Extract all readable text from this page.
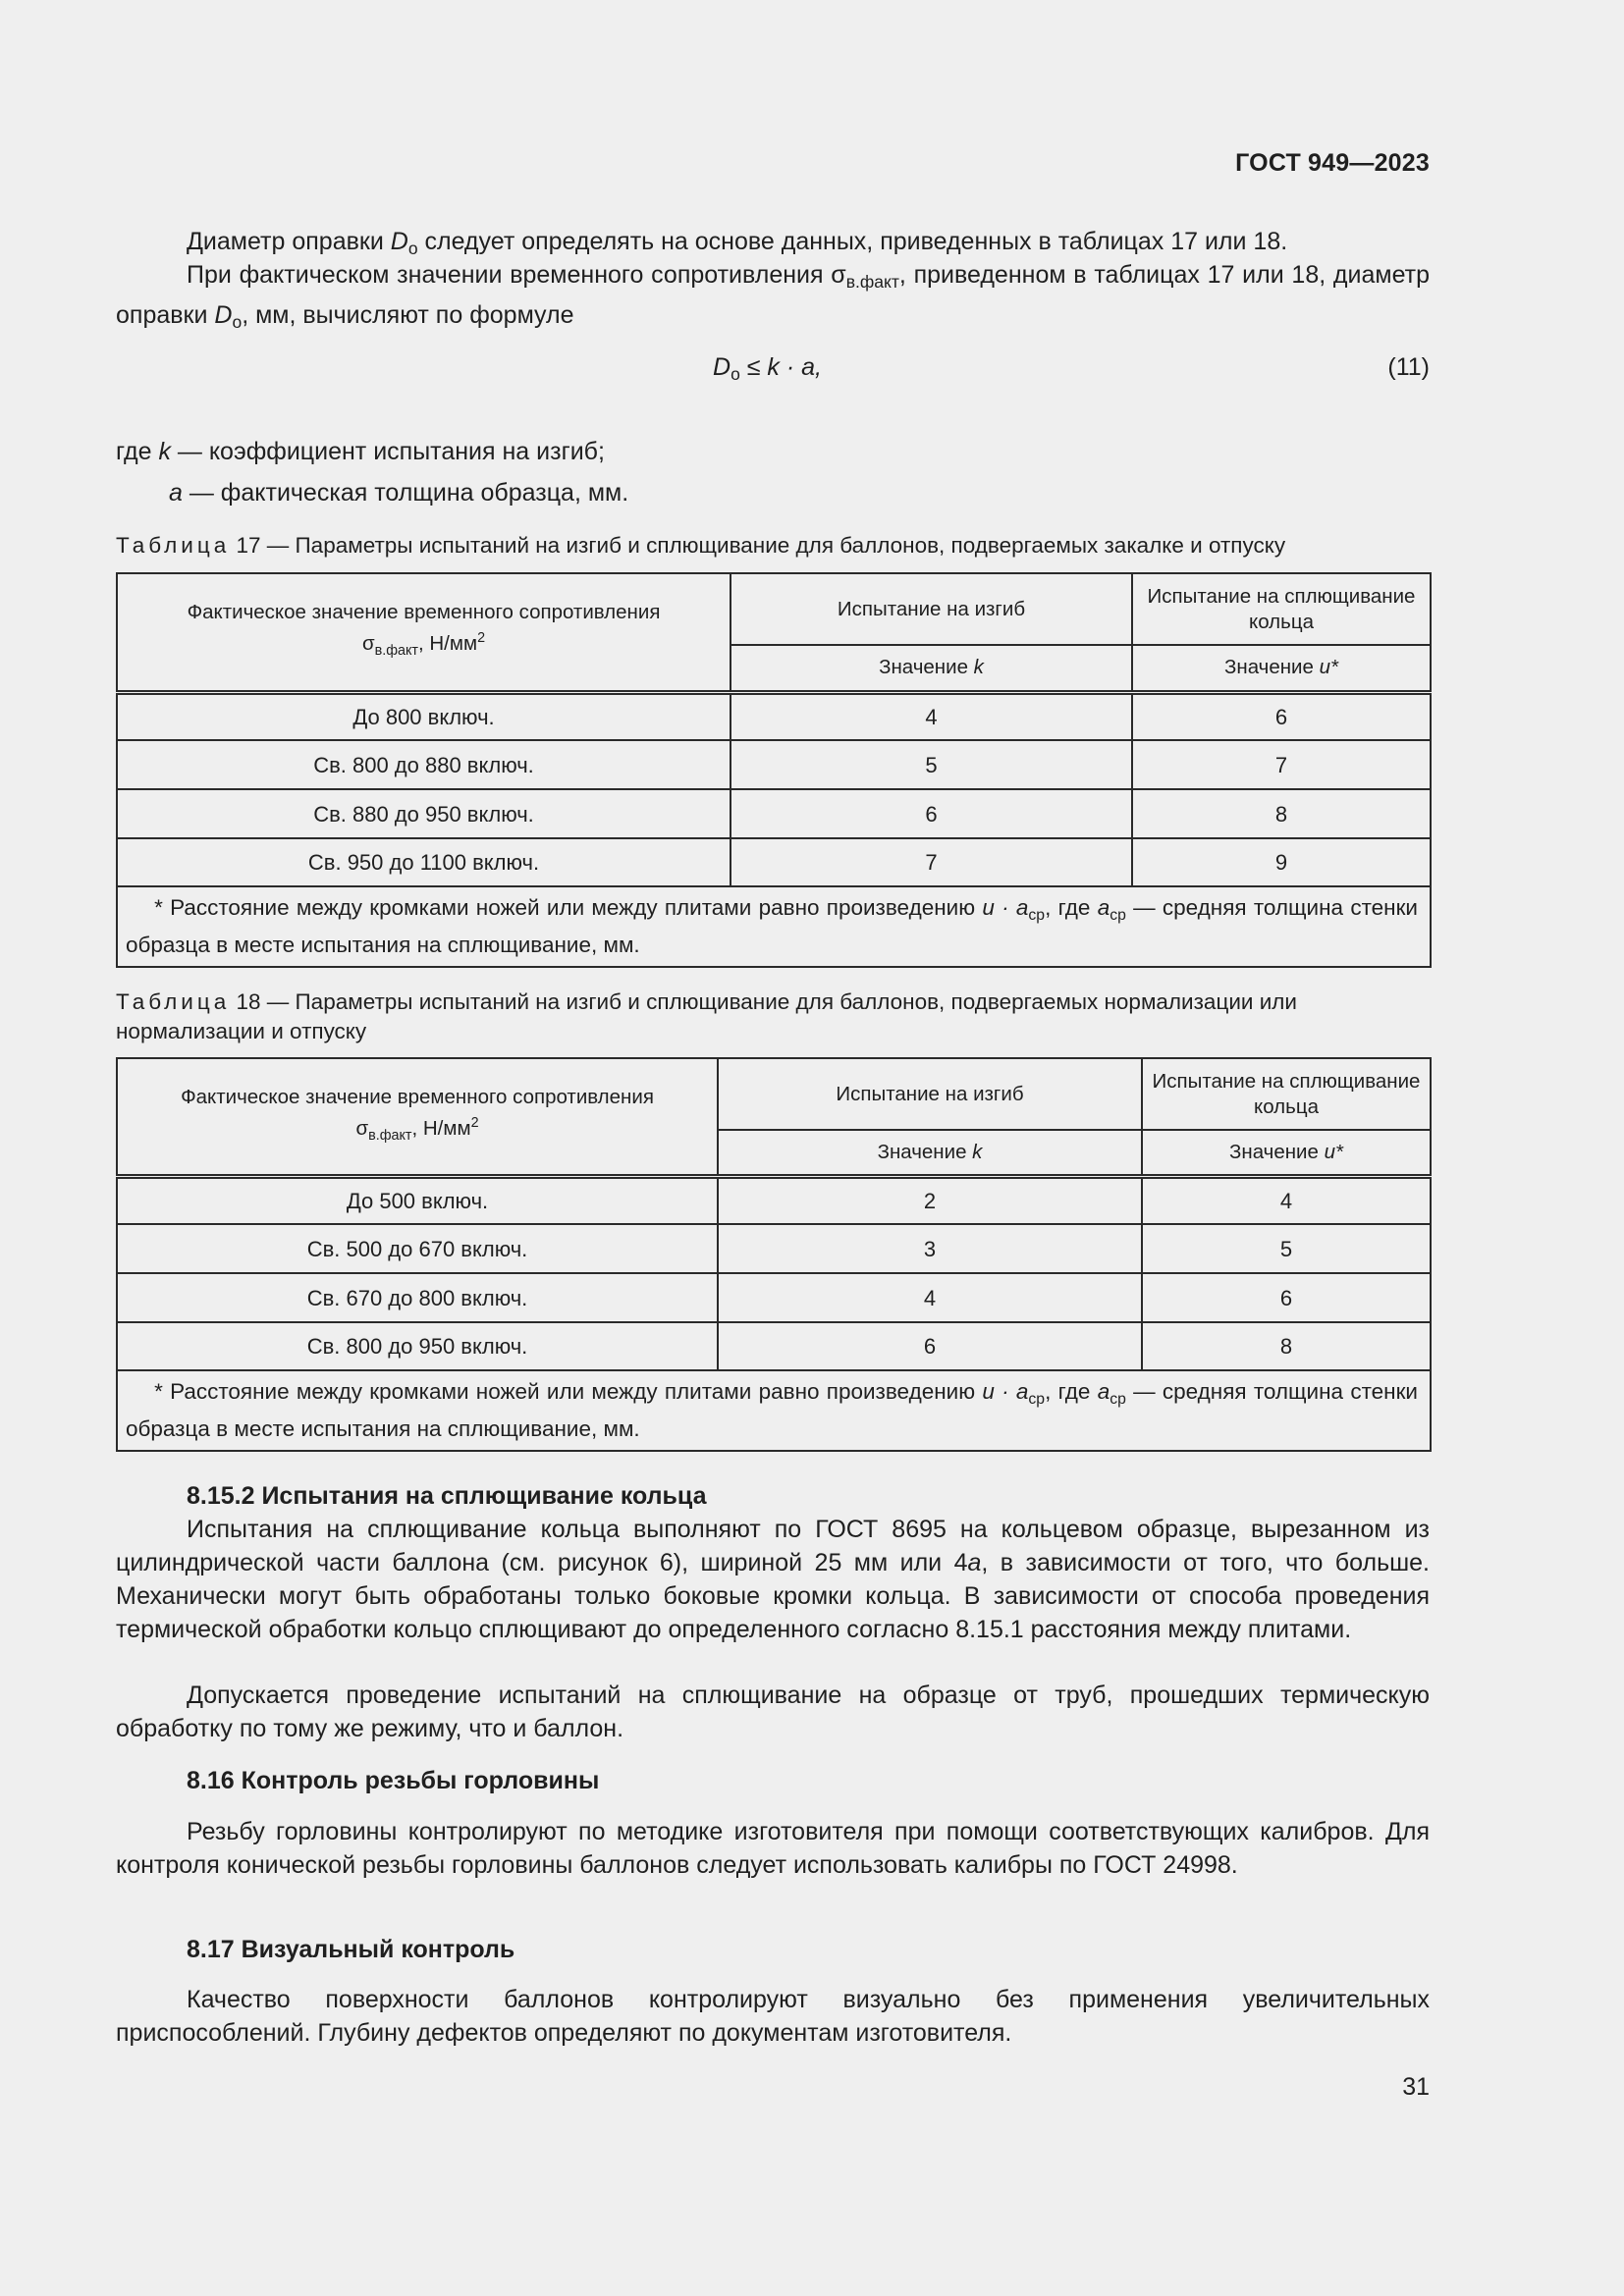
ГОСТ 949—2023
Диаметр оправки $D_о$ следует определять на основе данных, приведенных в таблицах 17 или 18.
При фактическом значении временного сопротивления $\sigma_{в.факт}$, приведенном в таблицах 17 или 18, диаметр оправки $D_о$, мм, вычисляют по формуле
$D_о \le k \cdot a$,	(11)
где k — коэффициент испытания на изгиб;
a — фактическая толщина образца, мм.
Таблица 17 — Параметры испытаний на изгиб и сплющивание для баллонов, подвергаемых закалке и отпуску
Фактическое значение временного сопротивления
$\sigma_{в.факт}$, $Н/мм^2$	Испытание на изгиб	Испытание на сплющивание кольца
	Значение k	Значение u*
До 800 включ.	4	6
Св. 800 до 880 включ.	5	7
Св. 880 до 950 включ.	6	8
Св. 950 до 1100 включ.	7	9
* Расстояние между кромками ножей или между плитами равно произведению $u \cdot a_{ср}$, где $a_{ср}$ — средняя толщина стенки образца в месте испытания на сплющивание, мм.		
Таблица 18 — Параметры испытаний на изгиб и сплющивание для баллонов, подвергаемых нормализации или нормализации и отпуску
Фактическое значение временного сопротивления
$\sigma_{в.факт}$, $Н/мм^2$	Испытание на изгиб	Испытание на сплющивание кольца
	Значение k	Значение u*
До 500 включ.	2	4
Св. 500 до 670 включ.	3	5
Св. 670 до 800 включ.	4	6
Св. 800 до 950 включ.	6	8
* Расстояние между кромками ножей или между плитами равно произведению $u \cdot a_{ср}$, где $a_{ср}$ — средняя толщина стенки образца в месте испытания на сплющивание, мм.		
8.15.2 Испытания на сплющивание кольца
Испытания на сплющивание кольца выполняют по ГОСТ 8695 на кольцевом образце, вырезанном из цилиндрической части баллона (см. рисунок 6), шириной 25 мм или 4a, в зависимости от того, что больше. Механически могут быть обработаны только боковые кромки кольца. В зависимости от способа проведения термической обработки кольцо сплющивают до определенного согласно 8.15.1 расстояния между плитами.
Допускается проведение испытаний на сплющивание на образце от труб, прошедших термическую обработку по тому же режиму, что и баллон.
8.16 Контроль резьбы горловины
Резьбу горловины контролируют по методике изготовителя при помощи соответствующих калибров. Для контроля конической резьбы горловины баллонов следует использовать калибры по ГОСТ 24998.
8.17 Визуальный контроль
Качество поверхности баллонов контролируют визуально без применения увеличительных приспособлений. Глубину дефектов определяют по документам изготовителя.
31
